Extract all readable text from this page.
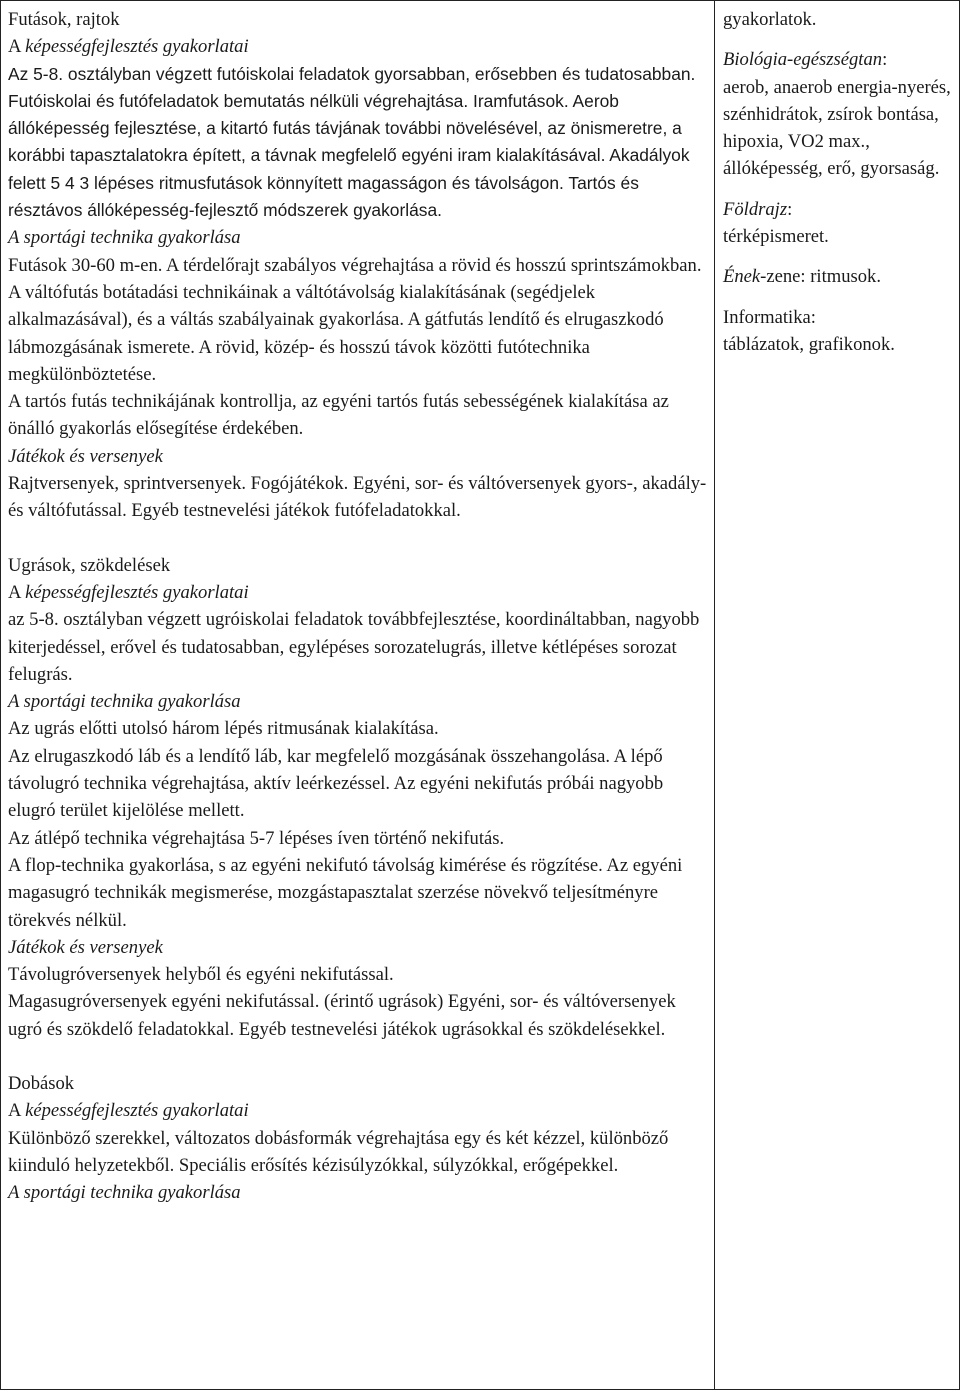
Futások, rajtok

A képességfejlesztés gyakorlatai

Az 5-8. osztályban végzett futóiskolai feladatok gyorsabban, erősebben és tudatosabban. Futóiskolai és futófeladatok bemutatás nélküli végrehajtása. Iramfutások. Aerob állóképesség fejlesztése, a kitartó futás távjának további növelésével, az önismeretre, a korábbi tapasztalatokra épített, a távnak megfelelő egyéni iram kialakításával. Akadályok felett 5 4 3 lépéses ritmusfutások könnyített magasságon és távolságon. Tartós és résztávos állóképesség-fejlesztő módszerek gyakorlása.

A sportági technika gyakorlása

Futások 30-60 m-en. A térdelőrajt szabályos végrehajtása a rövid és hosszú sprintszámokban. A váltófutás botátadási technikáinak a váltótávolság kialakításának (segédjelek alkalmazásával), és a váltás szabályainak gyakorlása. A gátfutás lendítő és elrugaszkodó lábmozgásának ismerete. A rövid, közép- és hosszú távok közötti futótechnika megkülönböztetése.

A tartós futás technikájának kontrollja, az egyéni tartós futás sebességének kialakítása az önálló gyakorlás elősegítése érdekében.

Játékok és versenyek

Rajtversenyek, sprintversenyek. Fogójátékok. Egyéni, sor- és váltóversenyek gyors-, akadály- és váltófutással. Egyéb testnevelési játékok futófeladatokkal.

Ugrások, szökdelések

A képességfejlesztés gyakorlatai

az 5-8. osztályban végzett ugróiskolai feladatok továbbfejlesztése, koordináltabban, nagyobb kiterjedéssel, erővel és tudatosabban, egylépéses sorozatelugrás, illetve kétlépéses sorozat felugrás.

A sportági technika gyakorlása

Az ugrás előtti utolsó három lépés ritmusának kialakítása.

Az elrugaszkodó láb és a lendítő láb, kar megfelelő mozgásának összehangolása. A lépő távolugró technika végrehajtása, aktív leérkezéssel. Az egyéni nekifutás próbái nagyobb elugró terület kijelölése mellett.

Az átlépő technika végrehajtása 5-7 lépéses íven történő nekifutás.

A flop-technika gyakorlása, s az egyéni nekifutó távolság kimérése és rögzítése. Az egyéni magasugró technikák megismerése, mozgástapasztalat szerzése növekvő teljesítményre törekvés nélkül.

Játékok és versenyek

Távolugróversenyek helyből és egyéni nekifutással.

Magasugróversenyek egyéni nekifutással. (érintő ugrások) Egyéni, sor- és váltóversenyek ugró és szökdelő feladatokkal. Egyéb testnevelési játékok ugrásokkal és szökdelésekkel.

Dobások

A képességfejlesztés gyakorlatai

Különböző szerekkel, változatos dobásformák végrehajtása egy és két kézzel, különböző kiinduló helyzetekből. Speciális erősítés kézisúlyzókkal, súlyzókkal, erőgépekkel.

A sportági technika gyakorlása

gyakorlatok.

Biológia-egészségtan:

aerob, anaerob energia-nyerés, szénhidrátok, zsírok bontása, hipoxia, VO2 max., állóképesség, erő, gyorsaság.

Földrajz:

térképismeret.

Ének-zene: ritmusok.

Informatika:

táblázatok, grafikonok.
